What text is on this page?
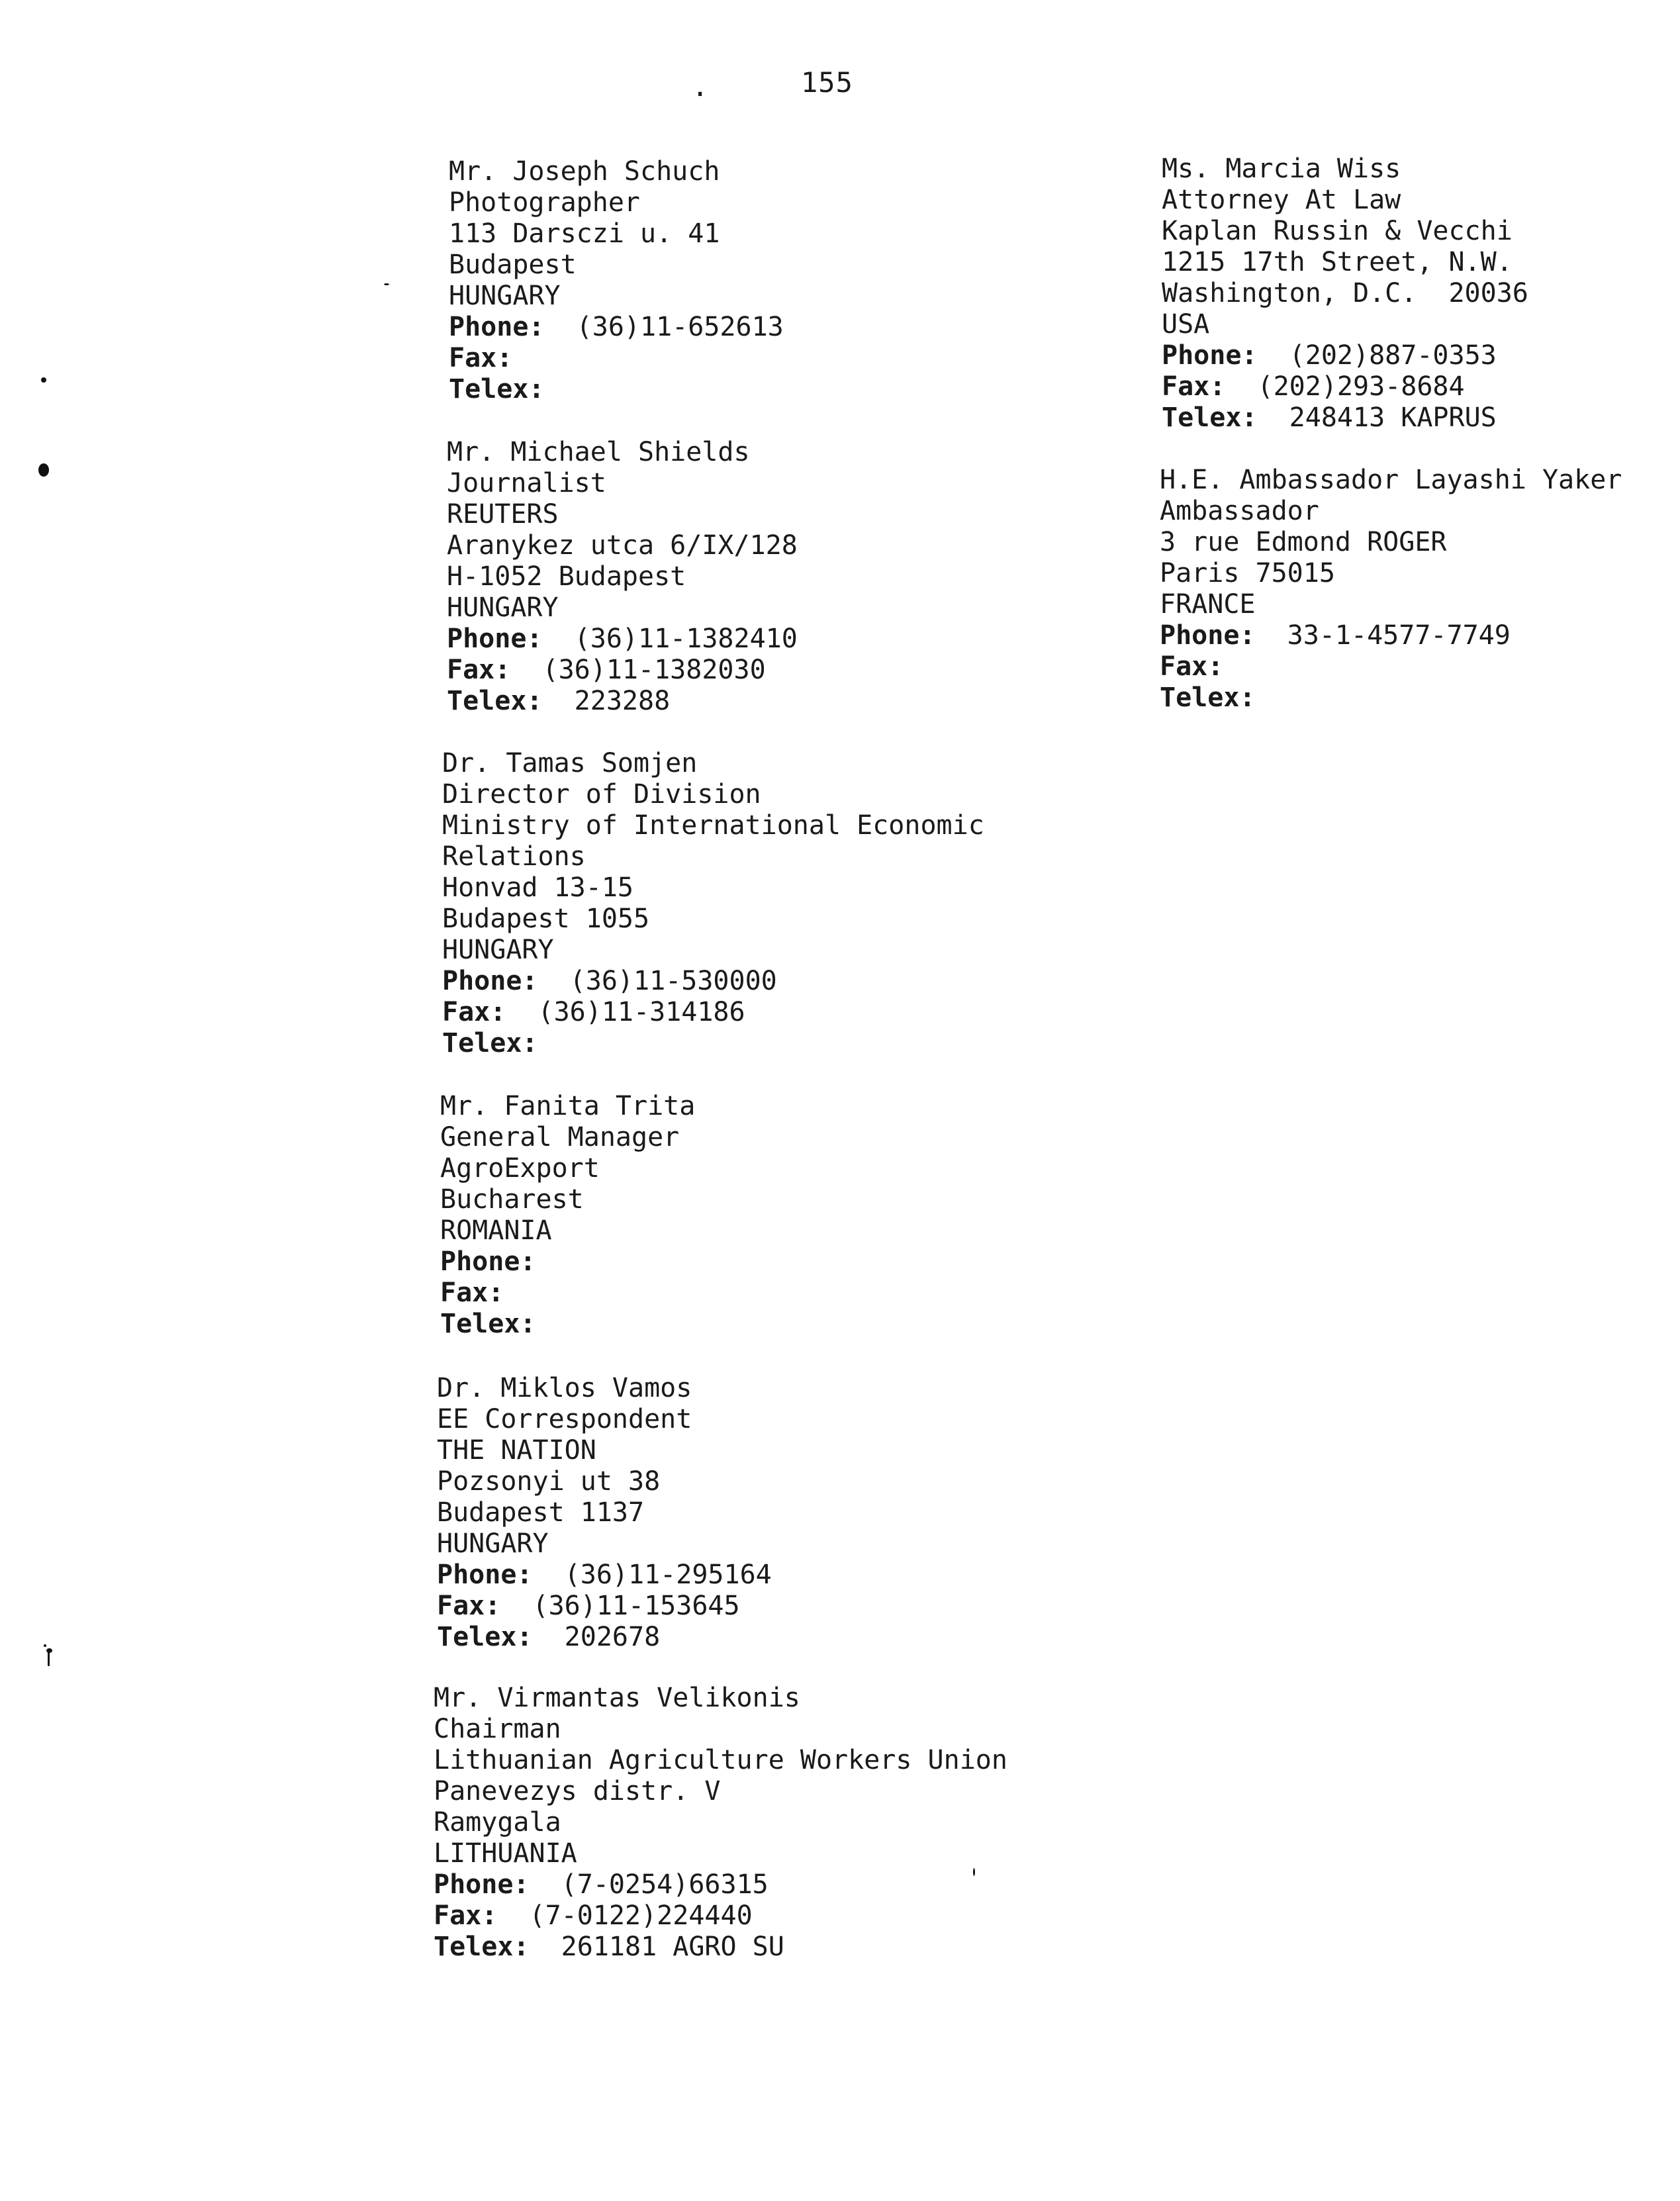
.	155
Mr. Joseph Schuch
Photographer
113 Darsczi u. 41
Budapest
HUNGARY
Phone: (36)11-652613
Fax:
Telex:
Mr. Michael Shields
Journalist
REUTERS
Aranykez utca 6/IX/128
H-1052 Budapest
HUNGARY
Phone: (36)11-1382410
Fax: (36)11-1382030
Telex: 223288
Dr. Tamas Somjen
Director of Division
Ministry of International Economic
Relations
Honvad 13-15
Budapest 1055
HUNGARY
Phone: (36)11-530000
Fax: (36)11-314186
Telex:
Mr. Fanita Trita
General Manager
AgroExport
Bucharest
ROMANIA
Phone:
Fax:
Telex:
Dr. Miklos Vamos
EE Correspondent
THE NATION
Pozsonyi ut 38
Budapest 1137
HUNGARY
Phone: (36)11-295164
Fax: (36)11-153645
Telex: 202678
Mr. Virmantas Velikonis
Chairman
Lithuanian Agriculture Workers Union
Panevezys distr. V
Ramygala
LITHUANIA
Phone: (7-0254)66315
Fax: (7-0122)224440
Telex: 261181 AGRO SU
Ms. Marcia Wiss
Attorney At Law
Kaplan Russin & Vecchi
1215 17th Street, N.W.
Washington, D.C.  20036
USA
Phone: (202)887-0353
Fax: (202)293-8684
Telex: 248413 KAPRUS
H.E. Ambassador Layashi Yaker
Ambassador
3 rue Edmond ROGER
Paris 75015
FRANCE
Phone: 33-1-4577-7749
Fax:
Telex:
